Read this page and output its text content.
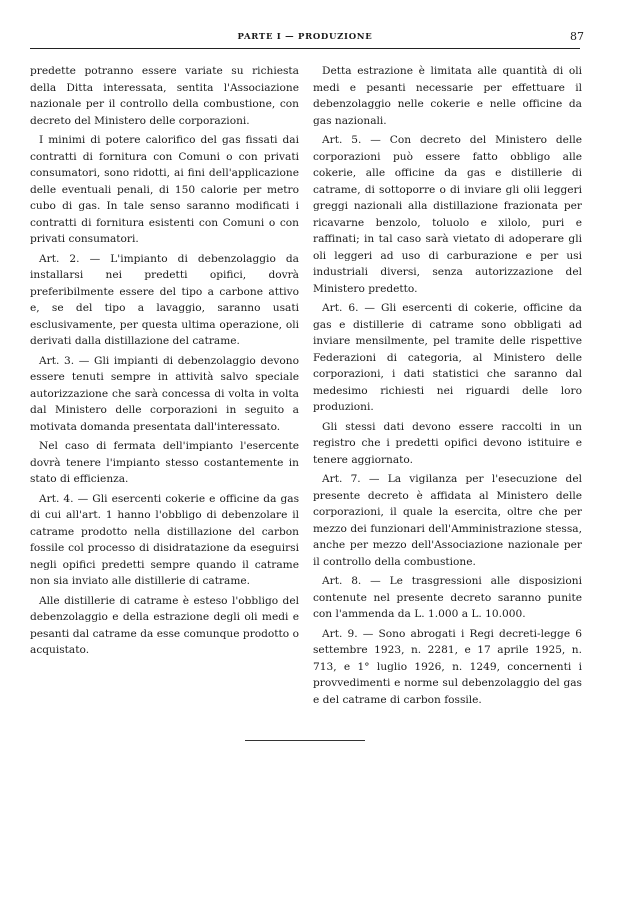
PARTE I — PRODUZIONE	87

predette potranno essere variate su richiesta della Ditta interessata, sentita l'Associazione nazionale per il controllo della combustione, con decreto del Ministero delle corporazioni.

I minimi di potere calorifico del gas fissati dai contratti di fornitura con Comuni o con privati consumatori, sono ridotti, ai fini dell'applicazione delle eventuali penali, di 150 calorie per metro cubo di gas. In tale senso saranno modificati i contratti di fornitura esistenti con Comuni o con privati consumatori.

Art. 2. — L'impianto di debenzolaggio da installarsi nei predetti opifici, dovrà preferibilmente essere del tipo a carbone attivo e, se del tipo a lavaggio, saranno usati esclusivamente, per questa ultima operazione, oli derivati dalla distillazione del catrame.

Art. 3. — Gli impianti di debenzolaggio devono essere tenuti sempre in attività salvo speciale autorizzazione che sarà concessa di volta in volta dal Ministero delle corporazioni in seguito a motivata domanda presentata dall'interessato.

Nel caso di fermata dell'impianto l'esercente dovrà tenere l'impianto stesso costantemente in stato di efficienza.

Art. 4. — Gli esercenti cokerie e officine da gas di cui all'art. 1 hanno l'obbligo di debenzolare il catrame prodotto nella distillazione del carbon fossile col processo di disidratazione da eseguirsi negli opifici predetti sempre quando il catrame non sia inviato alle distillerie di catrame.

Alle distillerie di catrame è esteso l'obbligo del debenzolaggio e della estrazione degli oli medi e pesanti dal catrame da esse comunque prodotto o acquistato.

Detta estrazione è limitata alle quantità di oli medi e pesanti necessarie per effettuare il debenzolaggio nelle cokerie e nelle officine da gas nazionali.

Art. 5. — Con decreto del Ministero delle corporazioni può essere fatto obbligo alle cokerie, alle officine da gas e distillerie di catrame, di sottoporre o di inviare gli olii leggeri greggi nazionali alla distillazione frazionata per ricavarne benzolo, toluolo e xilolo, puri e raffinati; in tal caso sarà vietato di adoperare gli oli leggeri ad uso di carburazione e per usi industriali diversi, senza autorizzazione del Ministero predetto.

Art. 6. — Gli esercenti di cokerie, officine da gas e distillerie di catrame sono obbligati ad inviare mensilmente, pel tramite delle rispettive Federazioni di categoria, al Ministero delle corporazioni, i dati statistici che saranno dal medesimo richiesti nei riguardi delle loro produzioni.

Gli stessi dati devono essere raccolti in un registro che i predetti opifici devono istituire e tenere aggiornato.

Art. 7. — La vigilanza per l'esecuzione del presente decreto è affidata al Ministero delle corporazioni, il quale la esercita, oltre che per mezzo dei funzionari dell'Amministrazione stessa, anche per mezzo dell'Associazione nazionale per il controllo della combustione.

Art. 8. — Le trasgressioni alle disposizioni contenute nel presente decreto saranno punite con l'ammenda da L. 1.000 a L. 10.000.

Art. 9. — Sono abrogati i Regi decreti-legge 6 settembre 1923, n. 2281, e 17 aprile 1925, n. 713, e 1° luglio 1926, n. 1249, concernenti i provvedimenti e norme sul debenzolaggio del gas e del catrame di carbon fossile.
